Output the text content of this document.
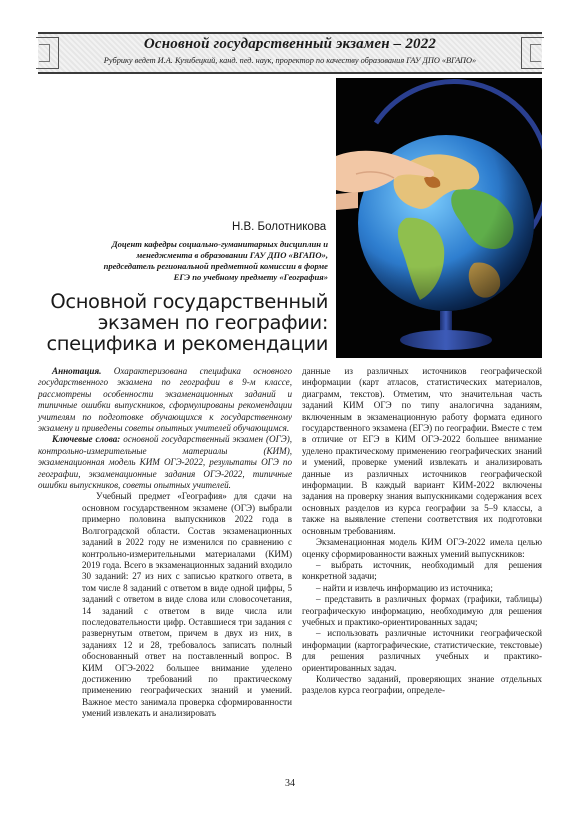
Основной государственный экзамен – 2022
Рубрику ведет И.А. Кузибецкий, канд. пед. наук, проректор по качеству образования ГАУ ДПО «ВГАПО»
Н.В. Болотникова
Доцент кафедры социально-гуманитарных дисциплин и менеджмента в образовании ГАУ ДПО «ВГАПО», председатель региональной предметной комиссии в форме ЕГЭ по учебному предмету «География»
Основной государственный
экзамен по географии:
специфика и рекомендации

Аннотация. Охарактеризована специфика основного государственного экзамена по географии в 9-м классе, рассмотрены особенности экзаменационных заданий и типичные ошибки выпускников, сформулированы рекомендации учителям по подготовке обучающихся к государственному экзамену и приведены советы опытных учителей обучающимся.

Ключевые слова: основной государственный экзамен (ОГЭ), контрольно-измерительные материалы (КИМ), экзаменационная модель КИМ ОГЭ-2022, результаты ОГЭ по географии, экзаменационные задания ОГЭ-2022, типичные ошибки выпускников, советы опытных учителей.

Учебный предмет «География» для сдачи на основном государственном экзамене (ОГЭ) выбрали примерно половина выпускников 2022 года в Волгоградской области. Состав экзаменационных заданий в 2022 году не изменился по сравнению с контрольно-измерительными материалами (КИМ) 2019 года. Всего в экзаменационных заданий входило 30 заданий: 27 из них с записью краткого ответа, в том числе 8 заданий с ответом в виде одной цифры, 5 заданий с ответом в виде слова или словосочетания, 14 заданий с ответом в виде числа или последовательности цифр. Оставшиеся три задания с развернутым ответом, причем в двух из них, в заданиях 12 и 28, требовалось записать полный обоснованный ответ на поставленный вопрос. В КИМ ОГЭ-2022 большее внимание уделено достижению требований по практическому применению географических знаний и умений. Важное место занимала проверка сформированности умений извлекать и анализировать

данные из различных источников географической информации (карт атласов, статистических материалов, диаграмм, текстов). Отметим, что значительная часть заданий КИМ ОГЭ по типу аналогична заданиям, включенным в экзаменационную работу формата единого государственного экзамена (ЕГЭ) по географии. Вместе с тем в отличие от ЕГЭ в КИМ ОГЭ-2022 большее внимание уделено практическому применению географических знаний и умений, проверке умений извлекать и анализировать данные из различных источников географической информации. В каждый вариант КИМ-2022 включены задания на проверку знания выпускниками содержания всех основных разделов из курса географии за 5–9 классы, а также на выявление степени соответствия их подготовки основным требованиям.

Экзаменационная модель КИМ ОГЭ-2022 имела целью оценку сформированности важных умений выпускников:

– выбрать источник, необходимый для решения конкретной задачи;

– найти и извлечь информацию из источника;

– представить в различных формах (графики, таблицы) географическую информацию, необходимую для решения учебных и практико-ориентированных задач;

– использовать различные источники географической информации (картографические, статистические, текстовые) для решения различных учебных и практико-ориентированных задач.

Количество заданий, проверяющих знание отдельных разделов курса географии, определе-

34
